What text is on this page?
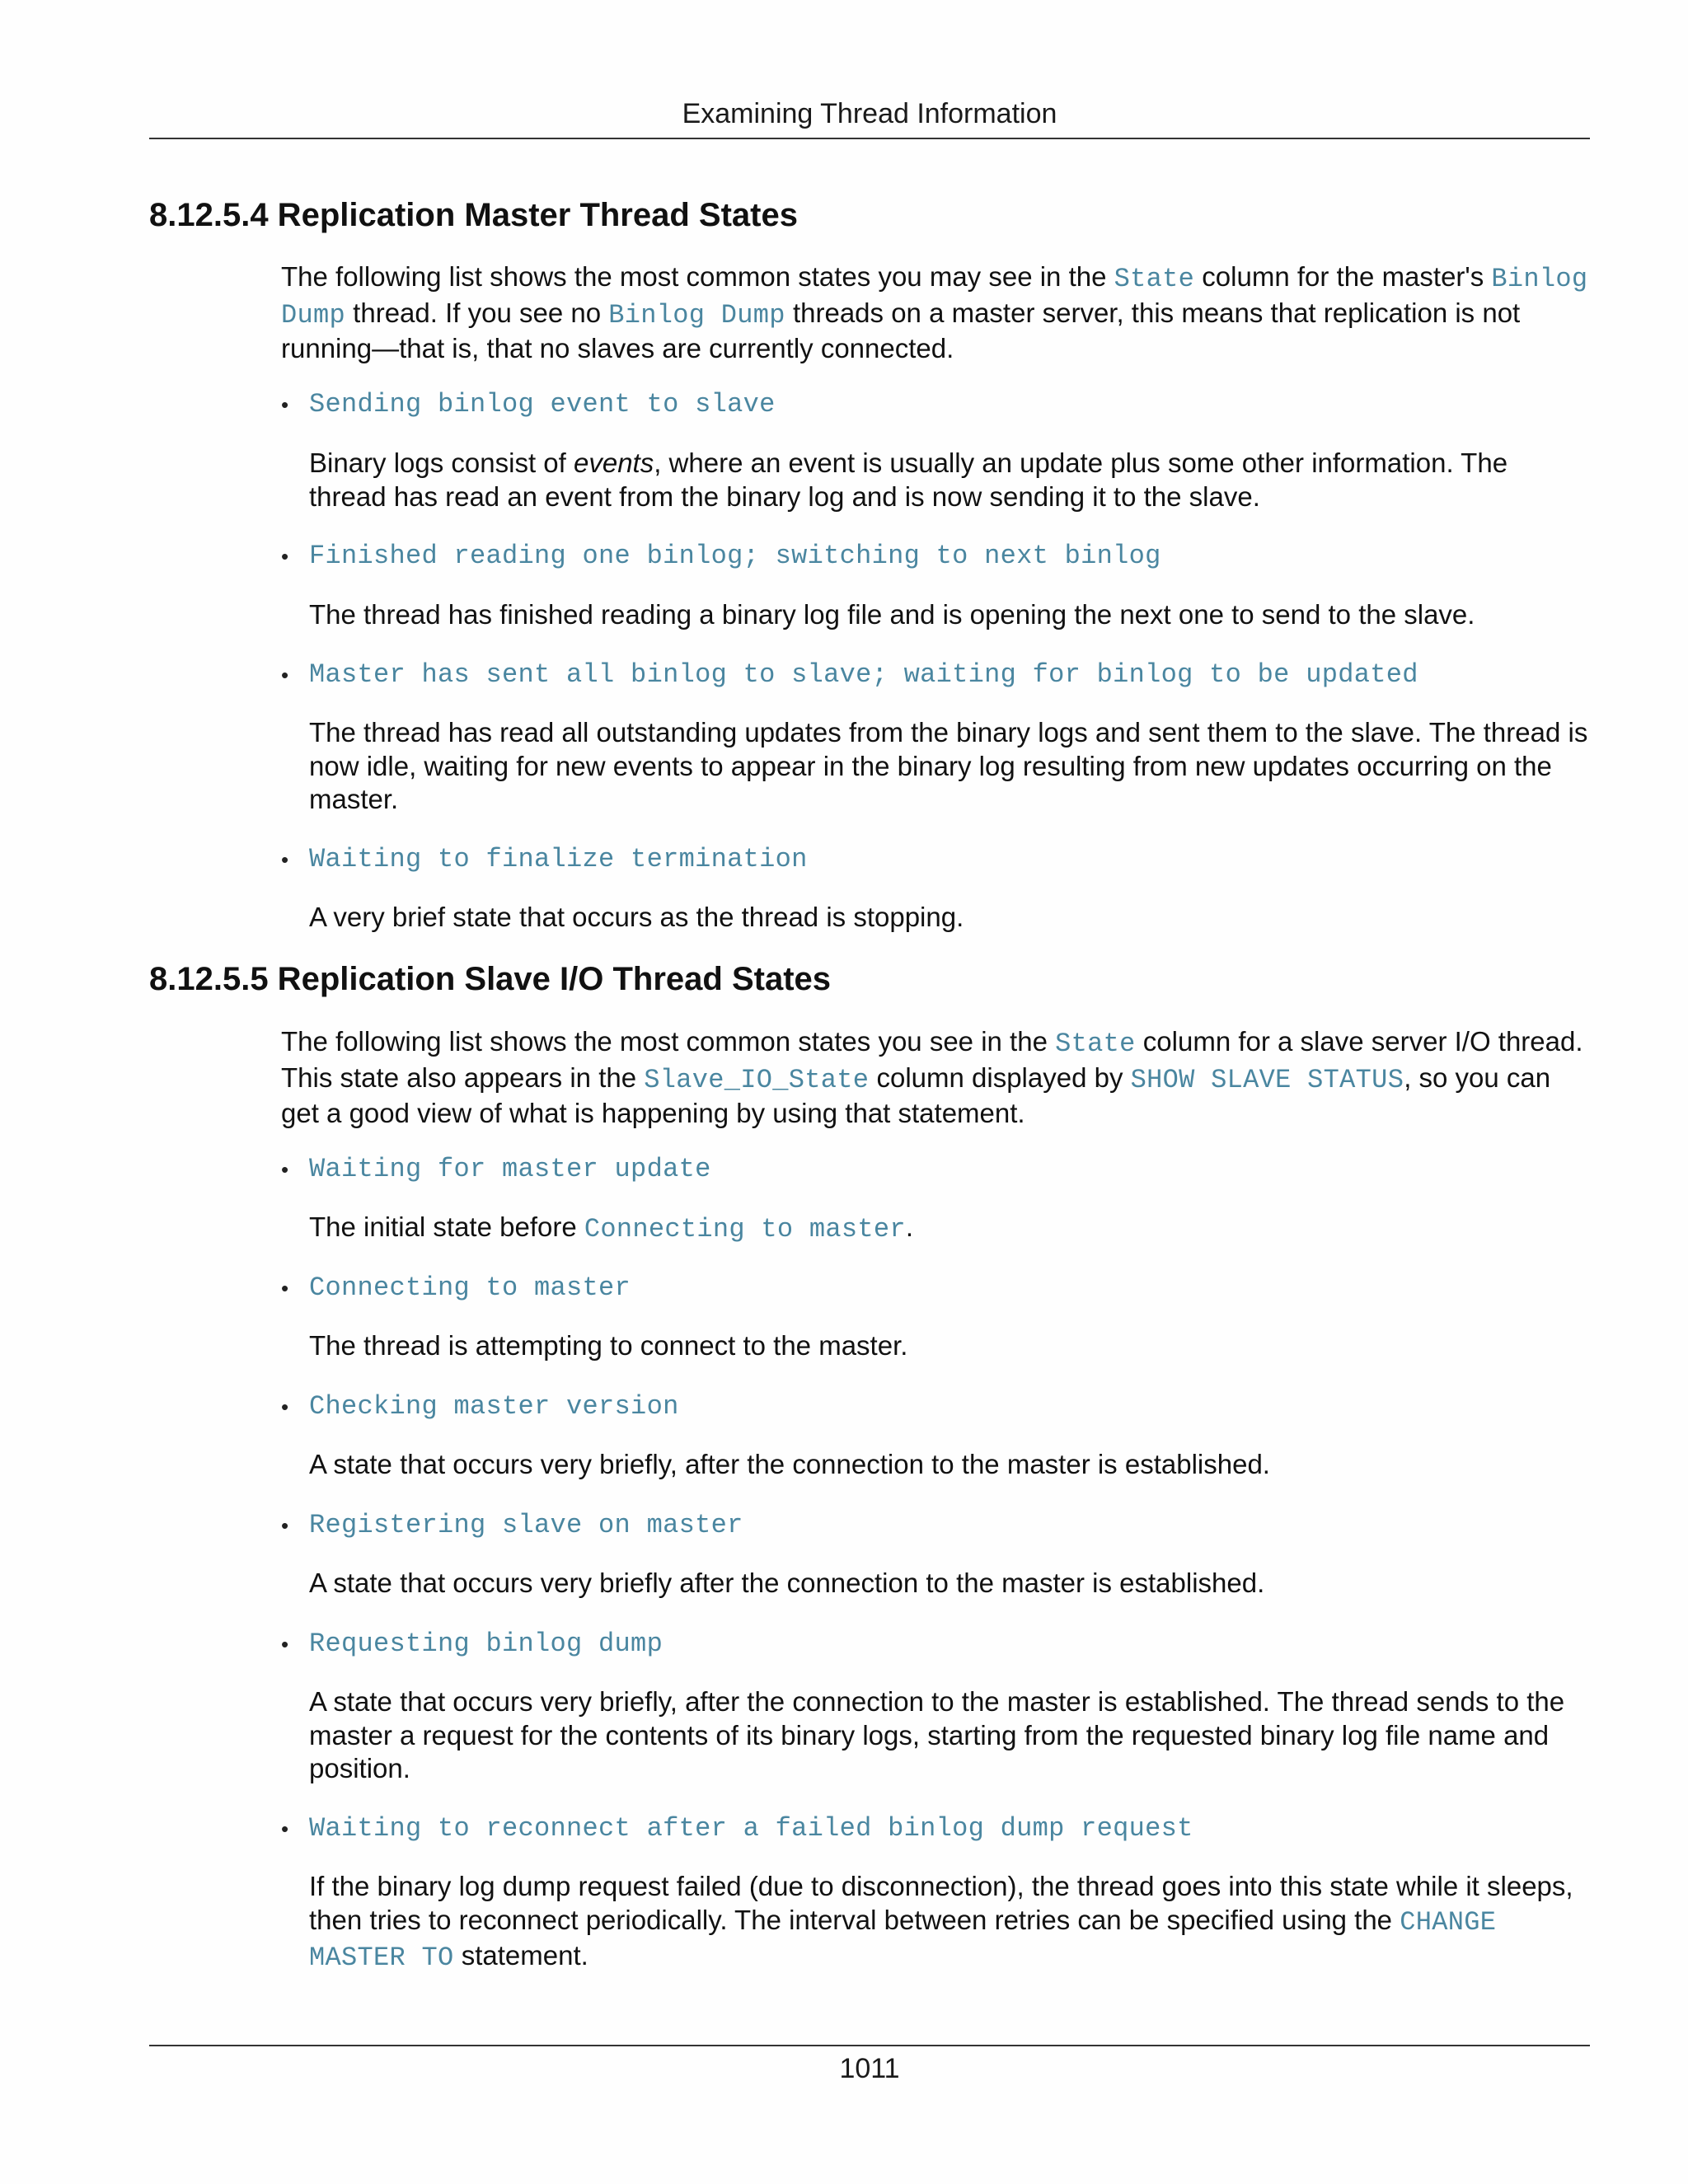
Examining Thread Information
8.12.5.4 Replication Master Thread States

The following list shows the most common states you may see in the State column for the master's Binlog Dump thread. If you see no Binlog Dump threads on a master server, this means that replication is not running—that is, that no slaves are currently connected.

• Sending binlog event to slave

Binary logs consist of events, where an event is usually an update plus some other information. The thread has read an event from the binary log and is now sending it to the slave.

• Finished reading one binlog; switching to next binlog

The thread has finished reading a binary log file and is opening the next one to send to the slave.

• Master has sent all binlog to slave; waiting for binlog to be updated

The thread has read all outstanding updates from the binary logs and sent them to the slave. The thread is now idle, waiting for new events to appear in the binary log resulting from new updates occurring on the master.

• Waiting to finalize termination

A very brief state that occurs as the thread is stopping.

8.12.5.5 Replication Slave I/O Thread States

The following list shows the most common states you see in the State column for a slave server I/O thread. This state also appears in the Slave_IO_State column displayed by SHOW SLAVE STATUS, so you can get a good view of what is happening by using that statement.

• Waiting for master update

The initial state before Connecting to master.

• Connecting to master

The thread is attempting to connect to the master.

• Checking master version

A state that occurs very briefly, after the connection to the master is established.

• Registering slave on master

A state that occurs very briefly after the connection to the master is established.

• Requesting binlog dump

A state that occurs very briefly, after the connection to the master is established. The thread sends to the master a request for the contents of its binary logs, starting from the requested binary log file name and position.

• Waiting to reconnect after a failed binlog dump request

If the binary log dump request failed (due to disconnection), the thread goes into this state while it sleeps, then tries to reconnect periodically. The interval between retries can be specified using the CHANGE MASTER TO statement.

1011
